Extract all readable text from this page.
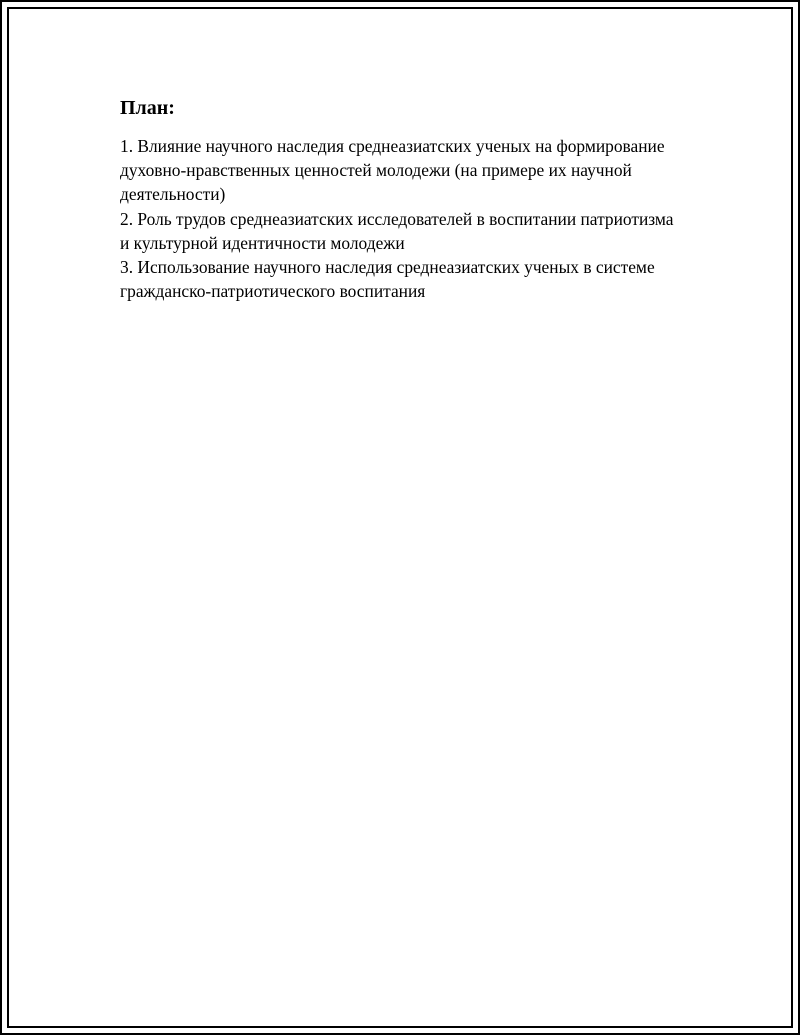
План:
1. Влияние научного наследия среднеазиатских ученых на формирование духовно-нравственных ценностей молодежи (на примере их научной деятельности)
2. Роль трудов среднеазиатских исследователей в воспитании патриотизма и культурной идентичности молодежи
3. Использование научного наследия среднеазиатских ученых в системе гражданско-патриотического воспитания
